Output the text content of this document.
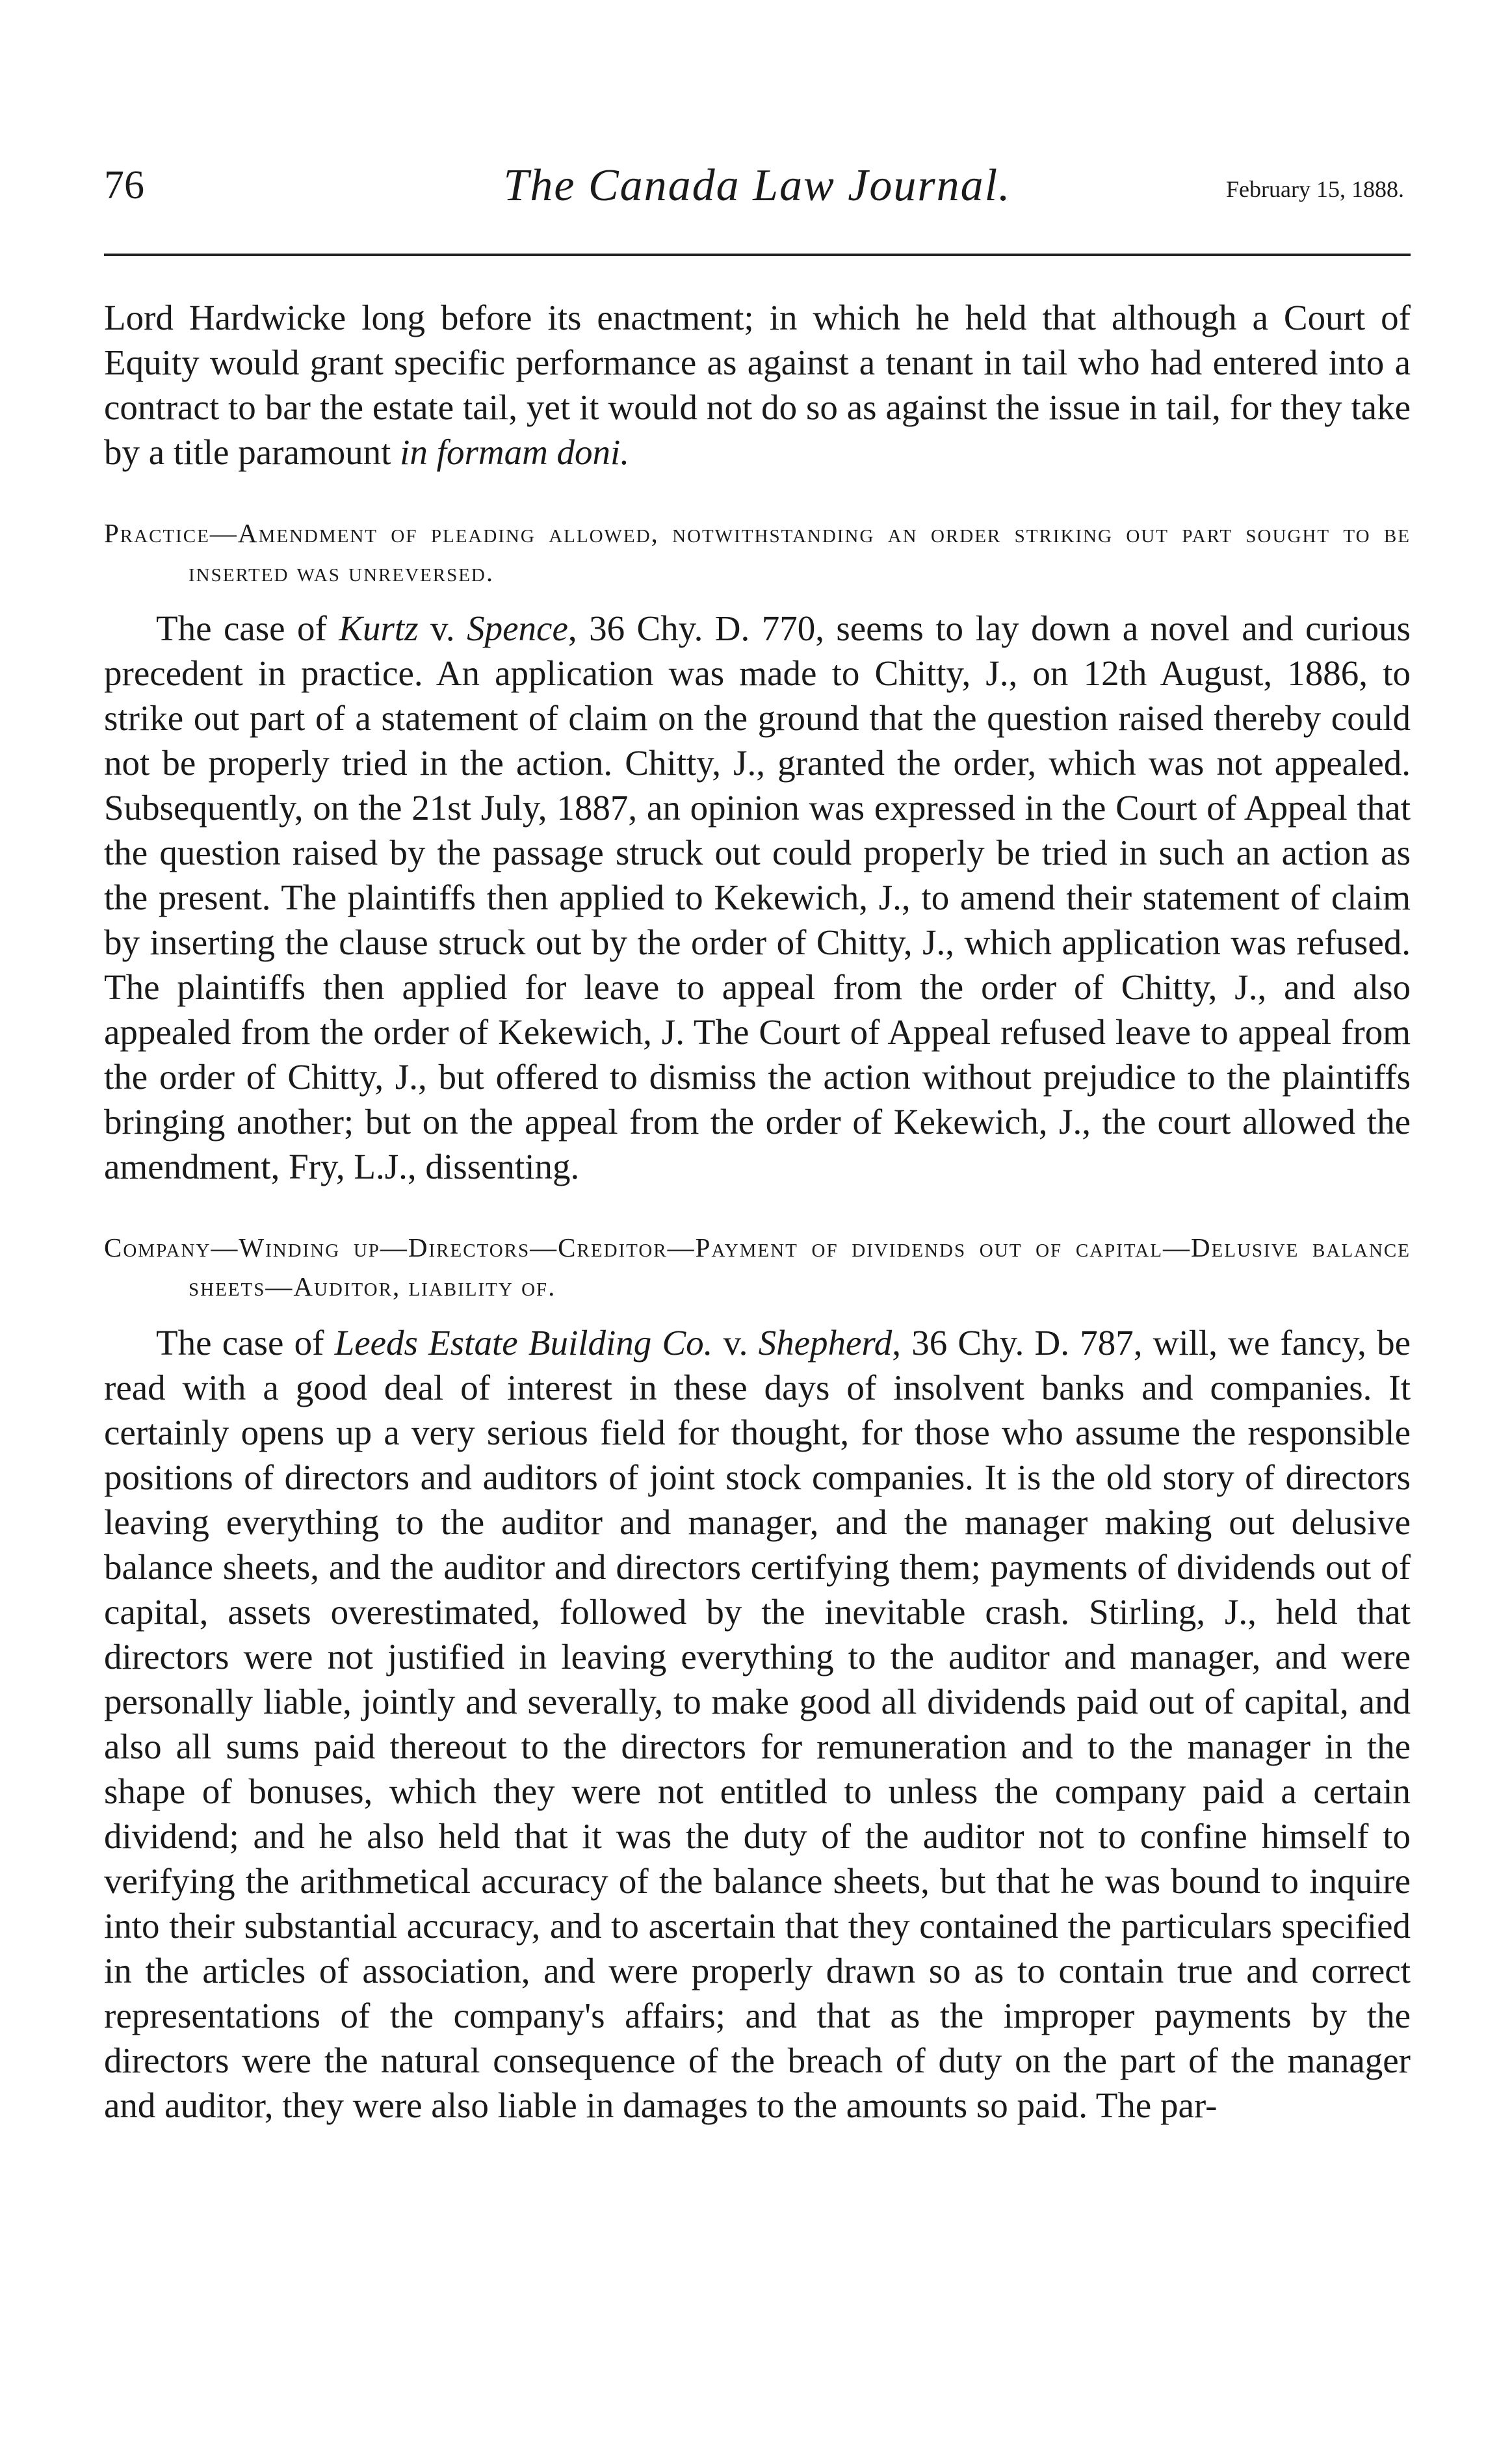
76	The Canada Law Journal.	February 15, 1888.

Lord Hardwicke long before its enactment; in which he held that although a Court of Equity would grant specific performance as against a tenant in tail who had entered into a contract to bar the estate tail, yet it would not do so as against the issue in tail, for they take by a title paramount in formam doni.

Practice—Amendment of pleading allowed, notwithstanding an order striking out part sought to be inserted was unreversed.

The case of Kurtz v. Spence, 36 Chy. D. 770, seems to lay down a novel and curious precedent in practice. An application was made to Chitty, J., on 12th August, 1886, to strike out part of a statement of claim on the ground that the question raised thereby could not be properly tried in the action. Chitty, J., granted the order, which was not appealed. Subsequently, on the 21st July, 1887, an opinion was expressed in the Court of Appeal that the question raised by the passage struck out could properly be tried in such an action as the present. The plaintiffs then applied to Kekewich, J., to amend their statement of claim by inserting the clause struck out by the order of Chitty, J., which application was refused. The plaintiffs then applied for leave to appeal from the order of Chitty, J., and also appealed from the order of Kekewich, J. The Court of Appeal refused leave to appeal from the order of Chitty, J., but offered to dismiss the action without prejudice to the plaintiffs bringing another; but on the appeal from the order of Kekewich, J., the court allowed the amendment, Fry, L.J., dissenting.

Company—Winding up—Directors—Creditor—Payment of dividends out of capital—Delusive balance sheets—Auditor, liability of.

The case of Leeds Estate Building Co. v. Shepherd, 36 Chy. D. 787, will, we fancy, be read with a good deal of interest in these days of insolvent banks and companies. It certainly opens up a very serious field for thought, for those who assume the responsible positions of directors and auditors of joint stock companies. It is the old story of directors leaving everything to the auditor and manager, and the manager making out delusive balance sheets, and the auditor and directors certifying them; payments of dividends out of capital, assets overestimated, followed by the inevitable crash. Stirling, J., held that directors were not justified in leaving everything to the auditor and manager, and were personally liable, jointly and severally, to make good all dividends paid out of capital, and also all sums paid thereout to the directors for remuneration and to the manager in the shape of bonuses, which they were not entitled to unless the company paid a certain dividend; and he also held that it was the duty of the auditor not to confine himself to verifying the arithmetical accuracy of the balance sheets, but that he was bound to inquire into their substantial accuracy, and to ascertain that they contained the particulars specified in the articles of association, and were properly drawn so as to contain true and correct representations of the company's affairs; and that as the improper payments by the directors were the natural consequence of the breach of duty on the part of the manager and auditor, they were also liable in damages to the amounts so paid. The par-
